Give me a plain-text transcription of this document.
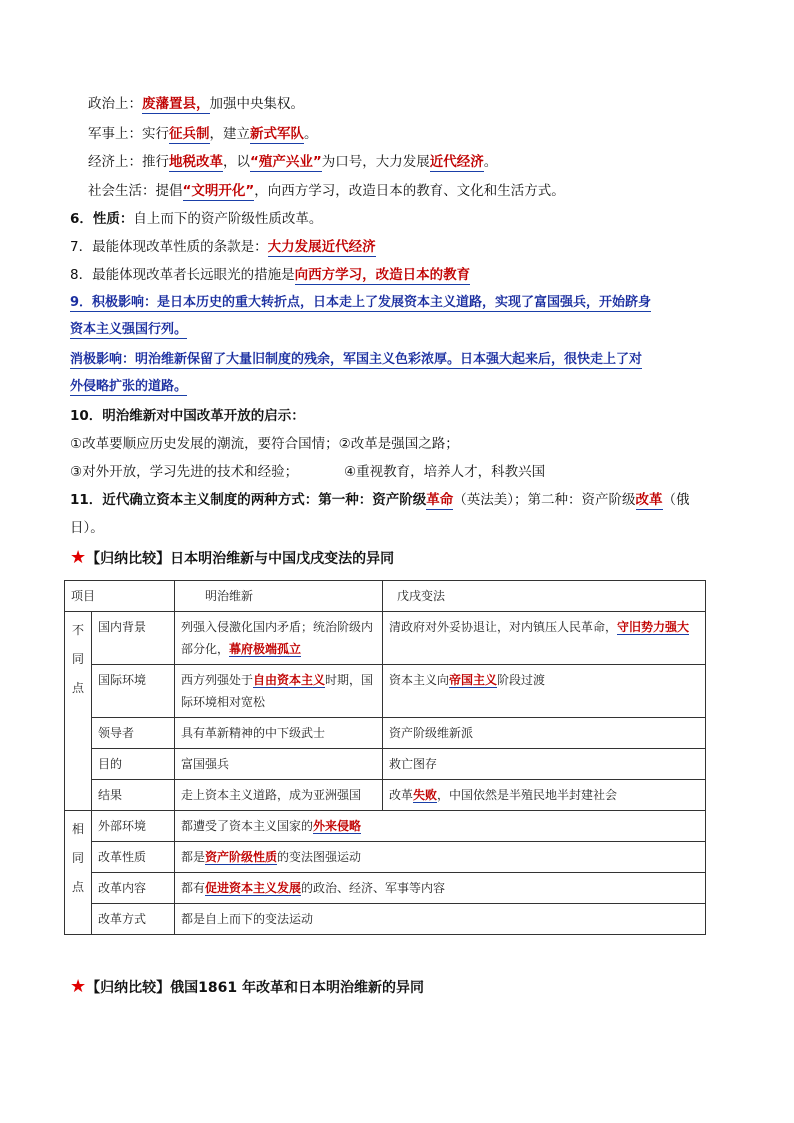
政治上：废藩置县，加强中央集权。
军事上：实行征兵制，建立新式军队。
经济上：推行地税改革，以“殖产兴业”为口号，大力发展近代经济。
社会生活：提倡“文明开化”，向西方学习，改造日本的教育、文化和生活方式。
6．性质：自上而下的资产阶级性质改革。
7．最能体现改革性质的条款是：大力发展近代经济
8．最能体现改革者长远眼光的措施是向西方学习，改造日本的教育
9．积极影响：是日本历史的重大转折点，日本走上了发展资本主义道路，实现了富国强兵，开始跻身
资本主义强国行列。
消极影响：明治维新保留了大量旧制度的残余，军国主义色彩浓厚。日本强大起来后，很快走上了对
外侵略扩张的道路。
10．明治维新对中国改革开放的启示：
①改革要顺应历史发展的潮流，要符合国情；②改革是强国之路；
③对外开放，学习先进的技术和经验；	④重视教育，培养人才，科教兴国
11．近代确立资本主义制度的两种方式：第一种：资产阶级革命（英法美）；第二种：资产阶级改革（俄
日）。
★【归纳比较】日本明治维新与中国戊戌变法的异同
项目		明治维新	戊戌变法
不同点	国内背景	列强入侵激化国内矛盾；统治阶级内部分化，幕府极端孤立	清政府对外妥协退让，对内镇压人民革命，守旧势力强大
	国际环境	西方列强处于自由资本主义时期，国际环境相对宽松	资本主义向帝国主义阶段过渡
	领导者	具有革新精神的中下级武士	资产阶级维新派
	目的	富国强兵	救亡图存
	结果	走上资本主义道路，成为亚洲强国	改革失败，中国依然是半殖民地半封建社会
相同点	外部环境	都遭受了资本主义国家的外来侵略	
	改革性质	都是资产阶级性质的变法图强运动	
	改革内容	都有促进资本主义发展的政治、经济、军事等内容	
	改革方式	都是自上而下的变法运动	
★【归纳比较】俄国1861 年改革和日本明治维新的异同
